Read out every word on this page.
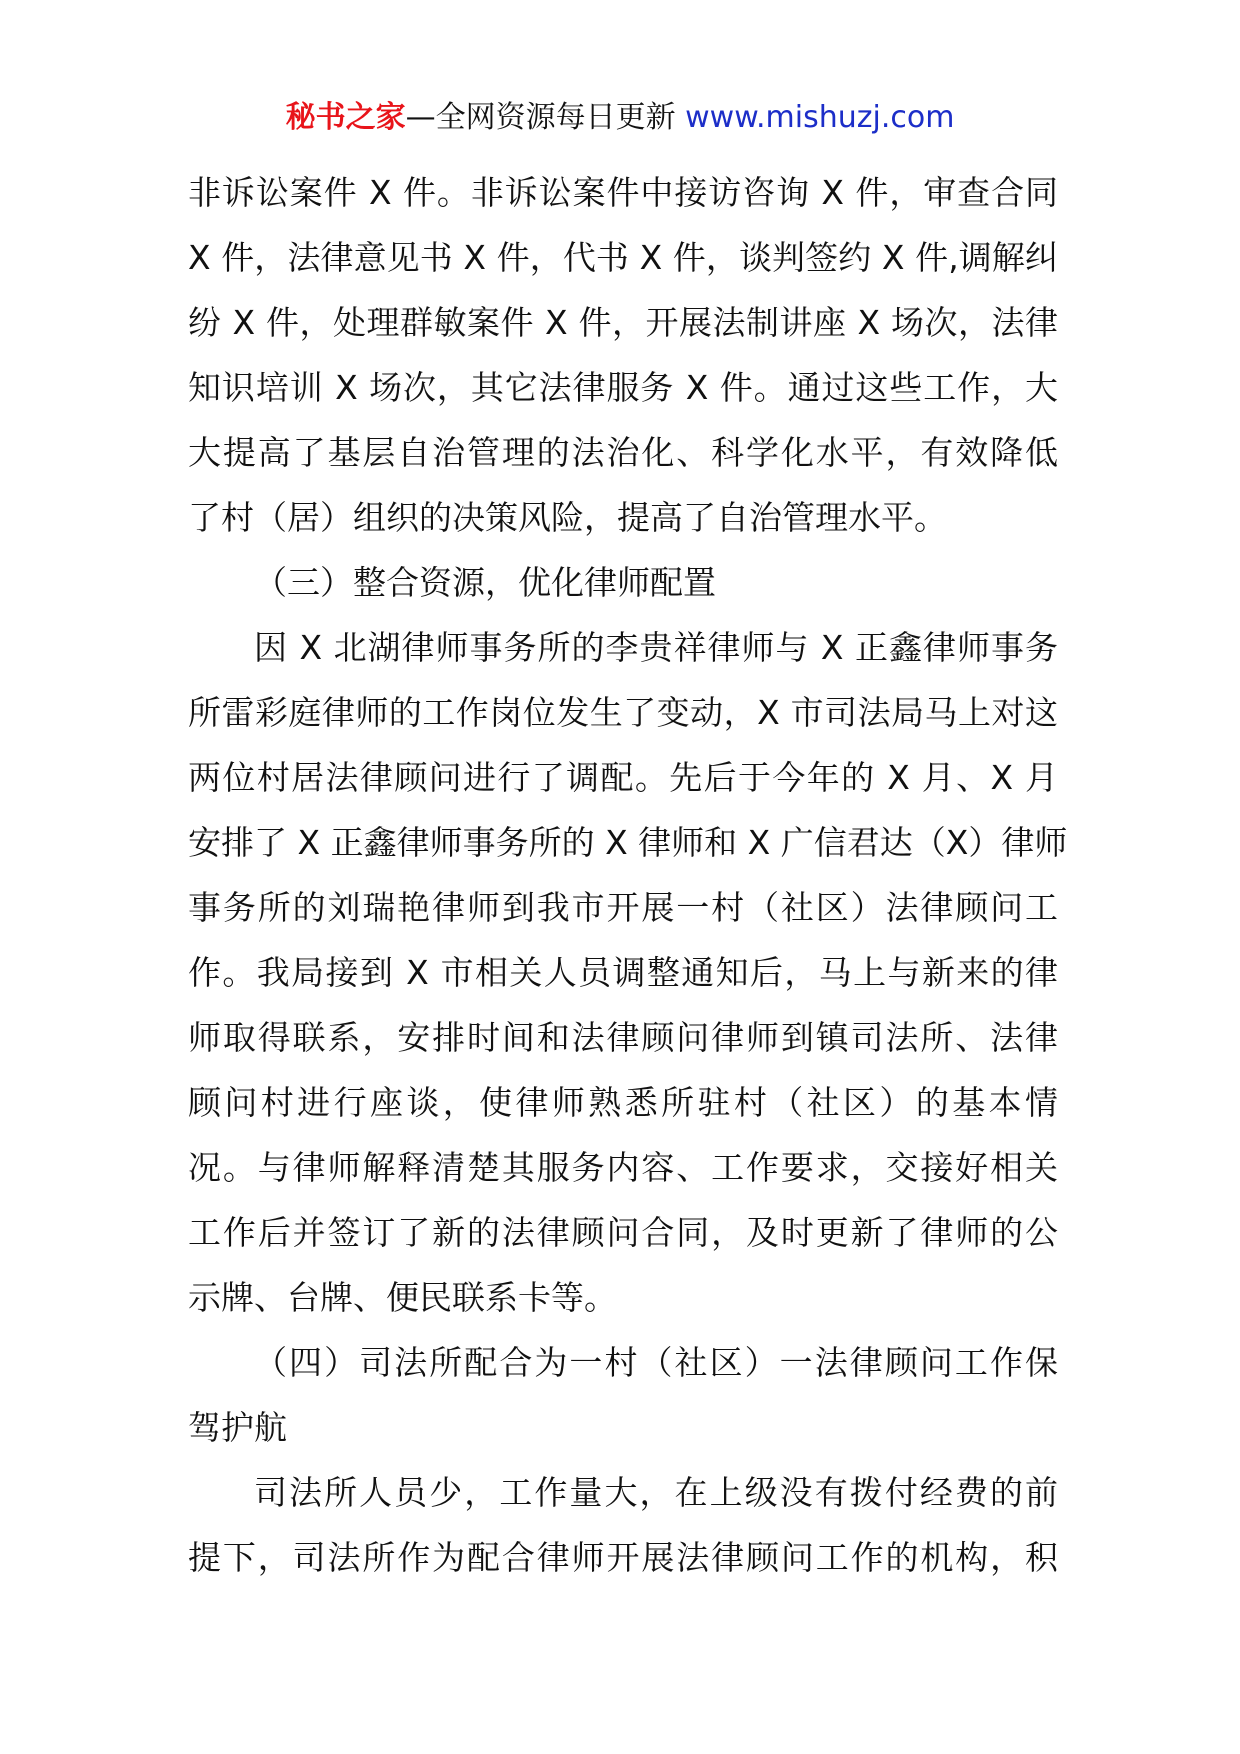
秘书之家—全网资源每日更新 www.mishuzj.com
非诉讼案件 X 件。非诉讼案件中接访咨询 X 件，审查合同
X 件，法律意见书 X 件，代书 X 件，谈判签约 X 件,调解纠
纷 X 件，处理群敏案件 X 件，开展法制讲座 X 场次，法律
知识培训 X 场次，其它法律服务 X 件。通过这些工作，大
大提高了基层自治管理的法治化、科学化水平，有效降低
了村（居）组织的决策风险，提高了自治管理水平。
（三）整合资源，优化律师配置
因 X 北湖律师事务所的李贵祥律师与 X 正鑫律师事务
所雷彩庭律师的工作岗位发生了变动，X 市司法局马上对这
两位村居法律顾问进行了调配。先后于今年的 X 月、X 月
安排了 X 正鑫律师事务所的 X 律师和 X 广信君达（X）律师
事务所的刘瑞艳律师到我市开展一村（社区）法律顾问工
作。我局接到 X 市相关人员调整通知后，马上与新来的律
师取得联系，安排时间和法律顾问律师到镇司法所、法律
顾问村进行座谈，使律师熟悉所驻村（社区）的基本情
况。与律师解释清楚其服务内容、工作要求，交接好相关
工作后并签订了新的法律顾问合同，及时更新了律师的公
示牌、台牌、便民联系卡等。
（四）司法所配合为一村（社区）一法律顾问工作保
驾护航
司法所人员少，工作量大，在上级没有拨付经费的前
提下，司法所作为配合律师开展法律顾问工作的机构，积
